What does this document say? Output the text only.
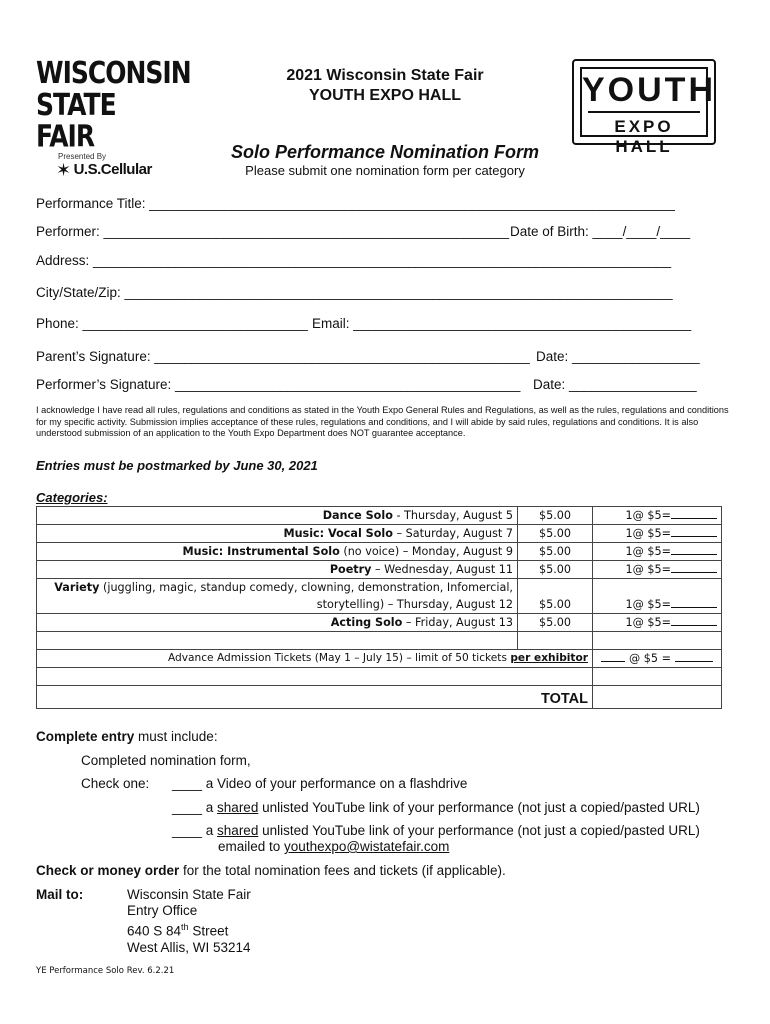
WISCONSIN
STATE FAIR
Presented By
✶ U.S.Cellular
2021 Wisconsin State Fair
YOUTH EXPO HALL	YOUTH
EXPO HALL
Solo Performance Nomination Form
Please submit one nomination form per category
Performance Title: ______________________________________________________________________
Performer: ______________________________________________________ Date of Birth: ____/____/____
Address: _____________________________________________________________________________
City/State/Zip: _________________________________________________________________________
Phone: ______________________________ Email: _____________________________________________
Parent’s Signature: __________________________________________________ Date: _________________
Performer’s Signature: ______________________________________________ Date: _________________
I acknowledge I have read all rules, regulations and conditions as stated in the Youth Expo General Rules and Regulations, as well as the rules, regulations and conditions for my specific activity. Submission implies acceptance of these rules, regulations and conditions, and I will abide by said rules, regulations and conditions. It is also understood submission of an application to the Youth Expo Department does NOT guarantee acceptance.
Entries must be postmarked by June 30, 2021
Categories:
Dance Solo - Thursday, August 5	$5.00	1@ $5=
Music: Vocal Solo – Saturday, August 7	$5.00	1@ $5=
Music: Instrumental Solo (no voice) – Monday, August 9	$5.00	1@ $5=
Poetry – Wednesday, August 11	$5.00	1@ $5=
Variety (juggling, magic, standup comedy, clowning, demonstration, Infomercial,
storytelling) – Thursday, August 12	$5.00	1@ $5=
Acting Solo – Friday, August 13	$5.00	1@ $5=

Advance Admission Tickets (May 1 – July 15) – limit of 50 tickets per exhibitor		@ $5 =

TOTAL		
Complete entry must include:
Completed nomination form,
Check one: ____ a Video of your performance on a flashdrive
____ a shared unlisted YouTube link of your performance (not just a copied/pasted URL)
____ a shared unlisted YouTube link of your performance (not just a copied/pasted URL)
emailed to youthexpo@wistatefair.com
Check or money order for the total nomination fees and tickets (if applicable).
Mail to:	Wisconsin State Fair
Entry Office
640 S 84th Street
West Allis, WI 53214
YE Performance Solo Rev. 6.2.21
